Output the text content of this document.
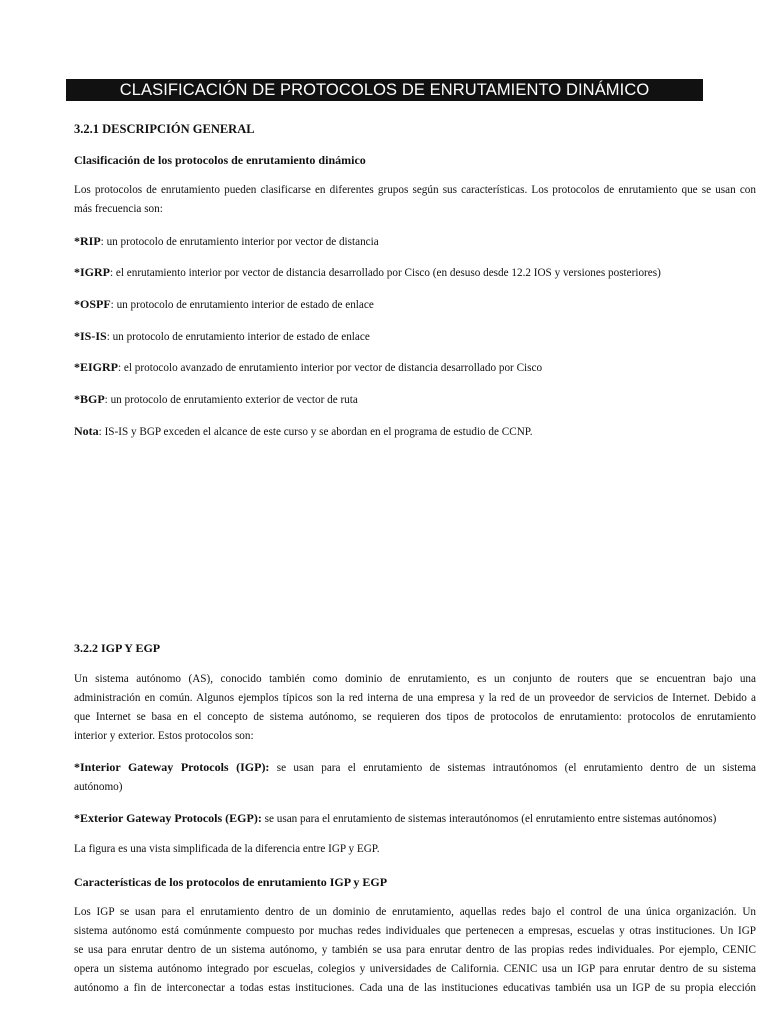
CLASIFICACIÓN DE PROTOCOLOS DE ENRUTAMIENTO DINÁMICO
3.2.1 DESCRIPCIÓN GENERAL
Clasificación de los protocolos de enrutamiento dinámico
Los protocolos de enrutamiento pueden clasificarse en diferentes grupos según sus características. Los protocolos de enrutamiento que se usan con
más frecuencia son:
*RIP: un protocolo de enrutamiento interior por vector de distancia
*IGRP: el enrutamiento interior por vector de distancia desarrollado por Cisco (en desuso desde 12.2 IOS y versiones posteriores)
*OSPF: un protocolo de enrutamiento interior de estado de enlace
*IS-IS: un protocolo de enrutamiento interior de estado de enlace
*EIGRP: el protocolo avanzado de enrutamiento interior por vector de distancia desarrollado por Cisco
*BGP: un protocolo de enrutamiento exterior de vector de ruta
Nota: IS-IS y BGP exceden el alcance de este curso y se abordan en el programa de estudio de CCNP.
3.2.2 IGP Y EGP
Un sistema autónomo (AS), conocido también como dominio de enrutamiento, es un conjunto de routers que se encuentran bajo una
administración en común. Algunos ejemplos típicos son la red interna de una empresa y la red de un proveedor de servicios de Internet. Debido a
que Internet se basa en el concepto de sistema autónomo, se requieren dos tipos de protocolos de enrutamiento: protocolos de enrutamiento
interior y exterior. Estos protocolos son:
*Interior Gateway Protocols (IGP): se usan para el enrutamiento de sistemas intrautónomos (el enrutamiento dentro de un sistema
autónomo)
*Exterior Gateway Protocols (EGP): se usan para el enrutamiento de sistemas interautónomos (el enrutamiento entre sistemas autónomos)
La figura es una vista simplificada de la diferencia entre IGP y EGP.
Características de los protocolos de enrutamiento IGP y EGP
Los IGP se usan para el enrutamiento dentro de un dominio de enrutamiento, aquellas redes bajo el control de una única organización. Un
sistema autónomo está comúnmente compuesto por muchas redes individuales que pertenecen a empresas, escuelas y otras instituciones. Un IGP
se usa para enrutar dentro de un sistema autónomo, y también se usa para enrutar dentro de las propias redes individuales. Por ejemplo, CENIC
opera un sistema autónomo integrado por escuelas, colegios y universidades de California. CENIC usa un IGP para enrutar dentro de su sistema
autónomo a fin de interconectar a todas estas instituciones. Cada una de las instituciones educativas también usa un IGP de su propia elección
